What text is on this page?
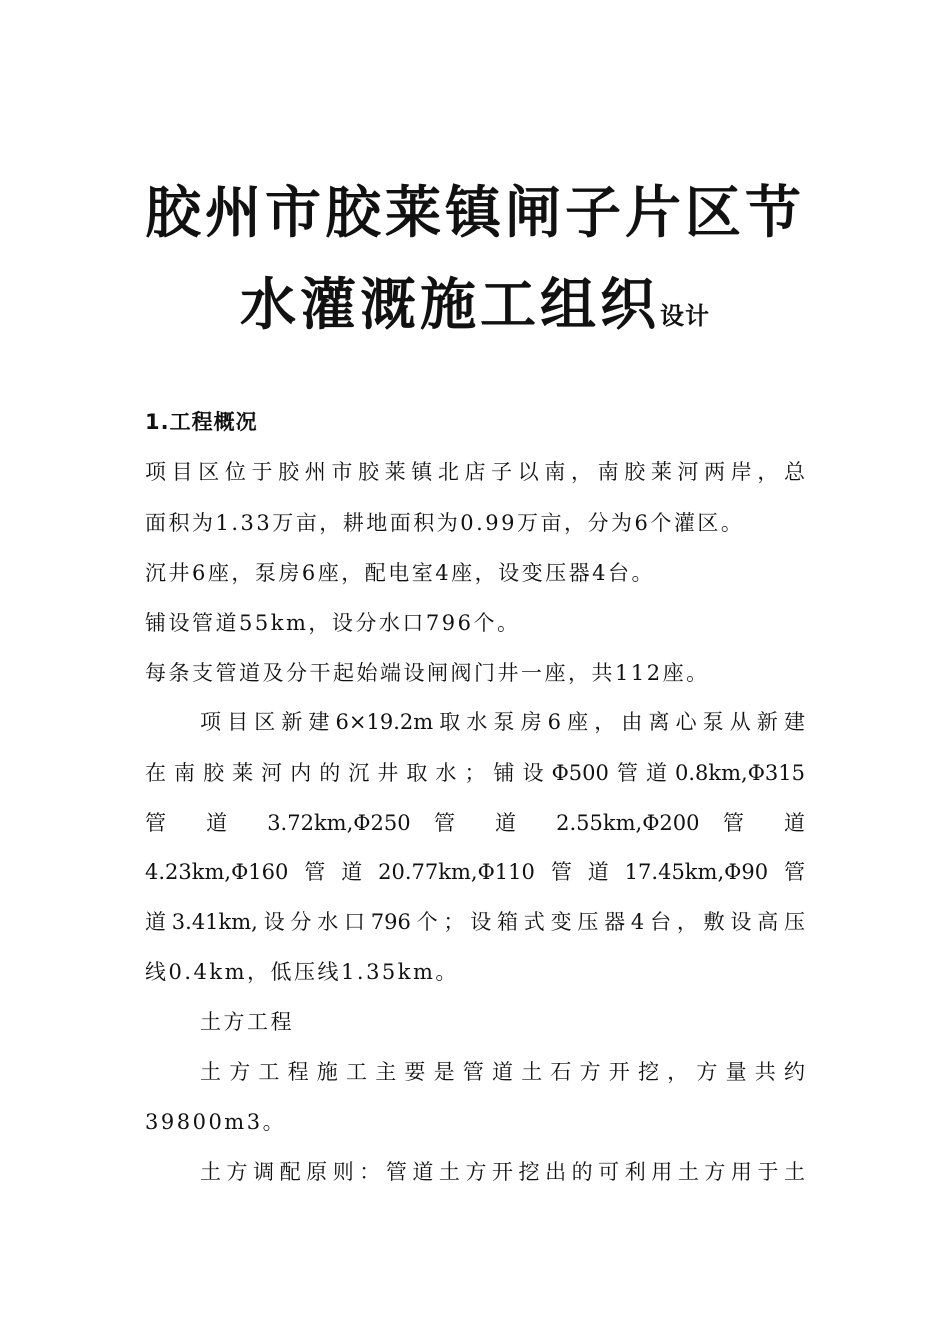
胶州市胶莱镇闸子片区节
水灌溉施工组织设计
1.工程概况
项目区位于胶州市胶莱镇北店子以南，南胶莱河两岸，总
面积为1.33万亩，耕地面积为0.99万亩，分为6个灌区。
沉井6座，泵房6座，配电室4座，设变压器4台。
铺设管道55km，设分水口796个。
每条支管道及分干起始端设闸阀门井一座，共112座。
项目区新建6×19.2m取水泵房6座，由离心泵从新建
在南胶莱河内的沉井取水；铺设Φ500管道0.8km,Φ315
管 道 3.72km,Φ250 管 道 2.55km,Φ200 管 道
4.23km,Φ160管道20.77km,Φ110管道17.45km,Φ90管
道3.41km,设分水口796个；设箱式变压器4台，敷设高压
线0.4km，低压线1.35km。
土方工程
土方工程施工主要是管道土石方开挖，方量共约
39800m3。
土方调配原则：管道土方开挖出的可利用土方用于土
